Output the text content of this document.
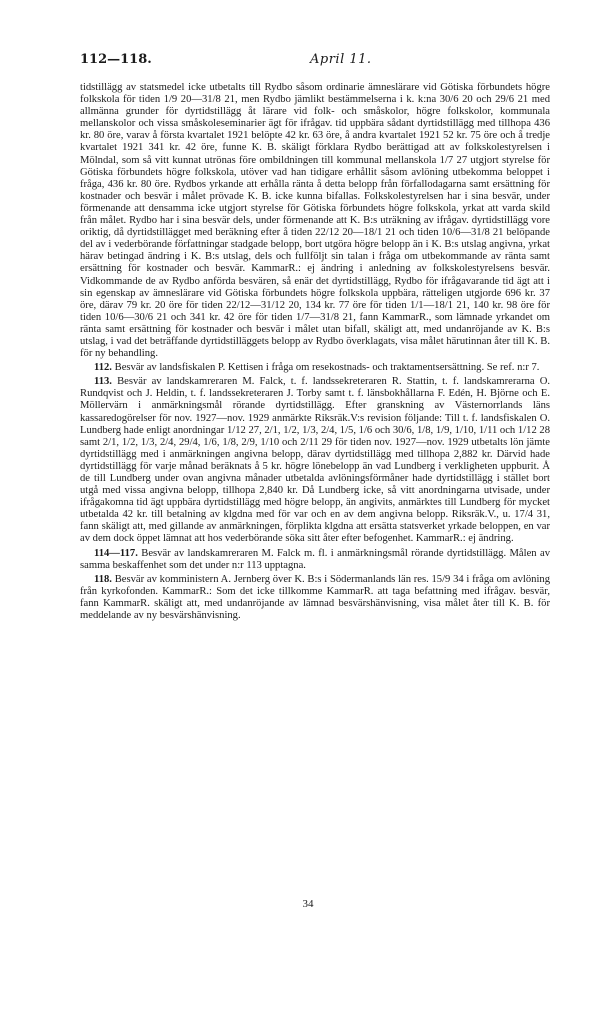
112—118.	April 11.

tidstillägg av statsmedel icke utbetalts till Rydbo såsom ordinarie ämneslärare vid Götiska förbundets högre folkskola för tiden 1/9 20—31/8 21, men Rydbo jämlikt bestämmelserna i k. k:na 30/6 20 och 29/6 21 med allmänna grunder för dyrtidstillägg åt lärare vid folk- och småskolor, högre folkskolor, kommunala mellanskolor och vissa småskoleseminarier ägt för ifrågav. tid uppbära sådant dyrtidstillägg med tillhopa 436 kr. 80 öre, varav å första kvartalet 1921 belöpte 42 kr. 63 öre, å andra kvartalet 1921 52 kr. 75 öre och å tredje kvartalet 1921 341 kr. 42 öre, funne K. B. skäligt förklara Rydbo berättigad att av folkskolestyrelsen i Mölndal, som så vitt kunnat utrönas före ombildningen till kommunal mellanskola 1/7 27 utgjort styrelse för Götiska förbundets högre folkskola, utöver vad han tidigare erhållit såsom avlöning utbekomma beloppet i fråga, 436 kr. 80 öre. Rydbos yrkande att erhålla ränta å detta belopp från förfallodagarna samt ersättning för kostnader och besvär i målet prövade K. B. icke kunna bifallas. Folkskolestyrelsen har i sina besvär, under förmenande att densamma icke utgjort styrelse för Götiska förbundets högre folkskola, yrkat att varda skild från målet. Rydbo har i sina besvär dels, under förmenande att K. B:s uträkning av ifrågav. dyrtidstillägg vore oriktig, då dyrtidstillägget med beräkning efter å tiden 22/12 20—18/1 21 och tiden 10/6—31/8 21 belöpande del av i vederbörande författningar stadgade belopp, bort utgöra högre belopp än i K. B:s utslag angivna, yrkat härav betingad ändring i K. B:s utslag, dels och fullföljt sin talan i fråga om utbekommande av ränta samt ersättning för kostnader och besvär. KammarR.: ej ändring i anledning av folkskolestyrelsens besvär. Vidkommande de av Rydbo anförda besvären, så enär det dyrtidstillägg, Rydbo för ifrågavarande tid ägt att i sin egenskap av ämneslärare vid Götiska förbundets högre folkskola uppbära, rätteligen utgjorde 696 kr. 37 öre, därav 79 kr. 20 öre för tiden 22/12—31/12 20, 134 kr. 77 öre för tiden 1/1—18/1 21, 140 kr. 98 öre för tiden 10/6—30/6 21 och 341 kr. 42 öre för tiden 1/7—31/8 21, fann KammarR., som lämnade yrkandet om ränta samt ersättning för kostnader och besvär i målet utan bifall, skäligt att, med undanröjande av K. B:s utslag, i vad det beträffande dyrtidstilläggets belopp av Rydbo överklagats, visa målet härutinnan åter till K. B. för ny behandling.

112. Besvär av landsfiskalen P. Kettisen i fråga om resekostnads- och traktamentsersättning. Se ref. n:r 7.

113. Besvär av landskamreraren M. Falck, t. f. landssekreteraren R. Stattin, t. f. landskamrerarna O. Rundqvist och J. Heldin, t. f. landssekreteraren J. Torby samt t. f. länsbokhållarna F. Edén, H. Björne och E. Möllervärn i anmärkningsmål rörande dyrtidstillägg. Efter granskning av Västernorrlands läns kassaredogörelser för nov. 1927—nov. 1929 anmärkte Riksräk.V:s revision följande: Till t. f. landsfiskalen O. Lundberg hade enligt anordningar 1/12 27, 2/1, 1/2, 1/3, 2/4, 1/5, 1/6 och 30/6, 1/8, 1/9, 1/10, 1/11 och 1/12 28 samt 2/1, 1/2, 1/3, 2/4, 29/4, 1/6, 1/8, 2/9, 1/10 och 2/11 29 för tiden nov. 1927—nov. 1929 utbetalts lön jämte dyrtidstillägg med i anmärkningen angivna belopp, därav dyrtidstillägg med tillhopa 2,882 kr. Därvid hade dyrtidstillägg för varje månad beräknats å 5 kr. högre lönebelopp än vad Lundberg i verkligheten uppburit. Å de till Lundberg under ovan angivna månader utbetalda avlöningsförmåner hade dyrtidstillägg i stället bort utgå med vissa angivna belopp, tillhopa 2,840 kr. Då Lundberg icke, så vitt anordningarna utvisade, under ifrågakomna tid ägt uppbära dyrtidstillägg med högre belopp, än angivits, anmärktes till Lundberg för mycket utbetalda 42 kr. till betalning av klgdna med för var och en av dem angivna belopp. Riksräk.V., u. 17/4 31, fann skäligt att, med gillande av anmärkningen, förplikta klgdna att ersätta statsverket yrkade beloppen, en var av dem dock öppet lämnat att hos vederbörande söka sitt åter efter befogenhet. KammarR.: ej ändring.

114—117. Besvär av landskamreraren M. Falck m. fl. i anmärkningsmål rörande dyrtidstillägg. Målen av samma beskaffenhet som det under n:r 113 upptagna.

118. Besvär av komministern A. Jernberg över K. B:s i Södermanlands län res. 15/9 34 i fråga om avlöning från kyrkofonden. KammarR.: Som det icke tillkomme KammarR. att taga befattning med ifrågav. besvär, fann KammarR. skäligt att, med undanröjande av lämnad besvärshänvisning, visa målet åter till K. B. för meddelande av ny besvärshänvisning.

34
